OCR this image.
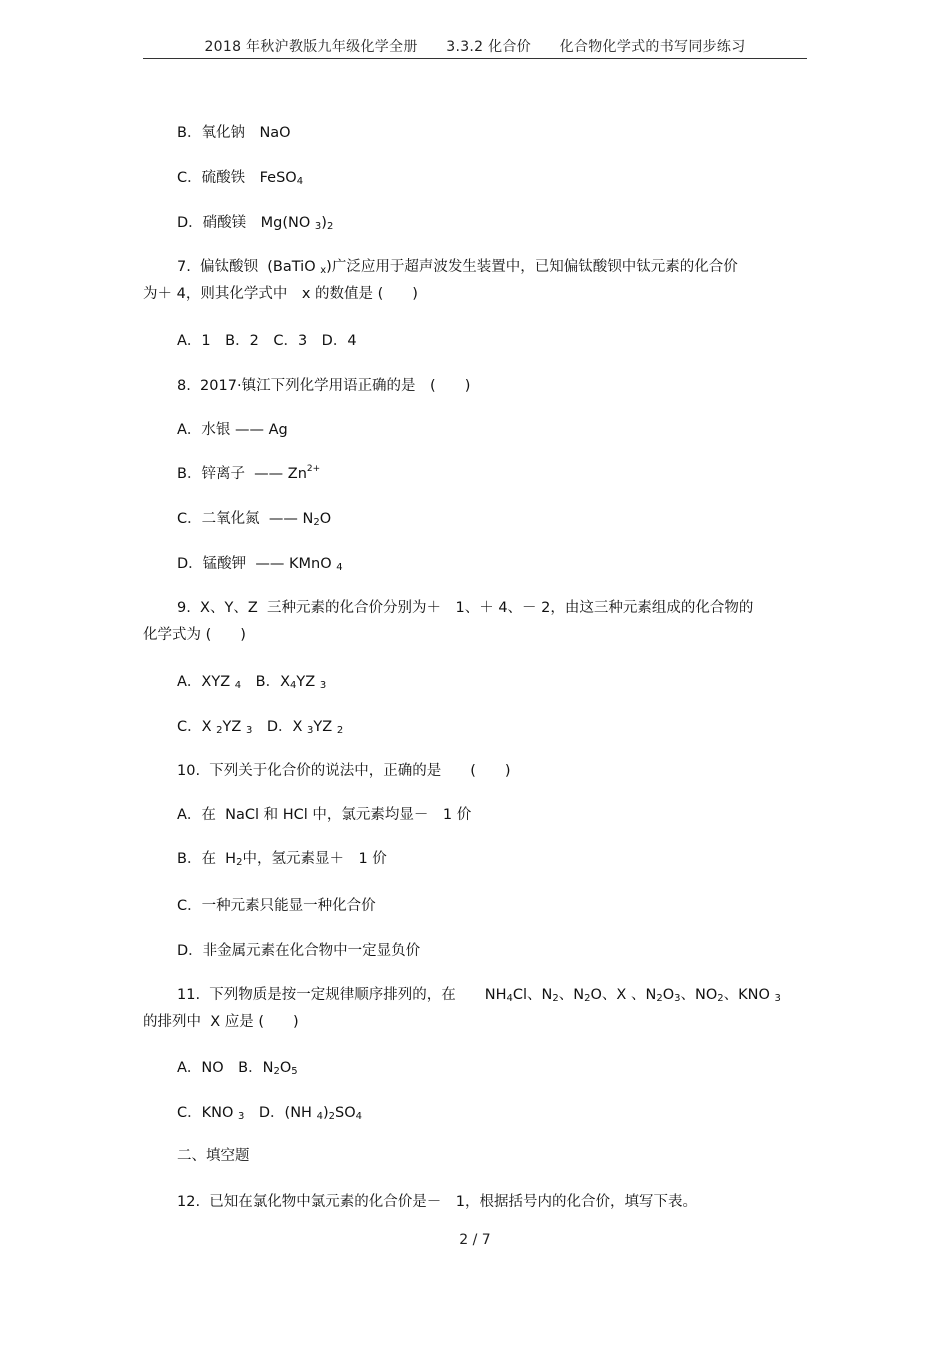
2018 年秋沪教版九年级化学全册　　3.3.2 化合价　　化合物化学式的书写同步练习
B．氧化钠　NaO
C．硫酸铁　FeSO$_4$
D．硝酸镁　Mg(NO $_3)_2$
7.  偏钛酸钡  (BaTiO $_x$)广泛应用于超声波发生装置中，已知偏钛酸钡中钛元素的化合价
为＋ 4，则其化学式中　x 的数值是 (　　)
A．1　B．2　C．3　D．4
8.  2017·镇江下列化学用语正确的是　(　　)
A．水银 —— Ag
B．锌离子  —— $Zn^{2+}$
C．二氧化氮  —— $N_2O$
D．锰酸钾  —— KMnO $_4$
9.  X、Y、Z  三种元素的化合价分别为＋　1、＋ 4、－ 2，由这三种元素组成的化合物的
化学式为 (　　)
A．XYZ $_4$　B．$X_4YZ$ $_3$
C．X $_2$YZ $_3$　D．X $_3$YZ $_2$
10.  下列关于化合价的说法中，正确的是　　(　　)
A．在  NaCl 和 HCl 中，氯元素均显－　1 价
B．在  $H_2$中，氢元素显＋　1 价
C．一种元素只能显一种化合价
D．非金属元素在化合物中一定显负价
11.  下列物质是按一定规律顺序排列的，在　　$NH_4Cl$、$N_2$、$N_2O$、X 、$N_2O_3$、$NO_2$、KNO $_3$
的排列中  X 应是 (　　)
A．NO　B．$N_2O_5$
C．KNO $_3$　D．(NH $_4)_2SO_4$
二、填空题
12.  已知在氯化物中氯元素的化合价是－　1，根据括号内的化合价，填写下表。
2 / 7
